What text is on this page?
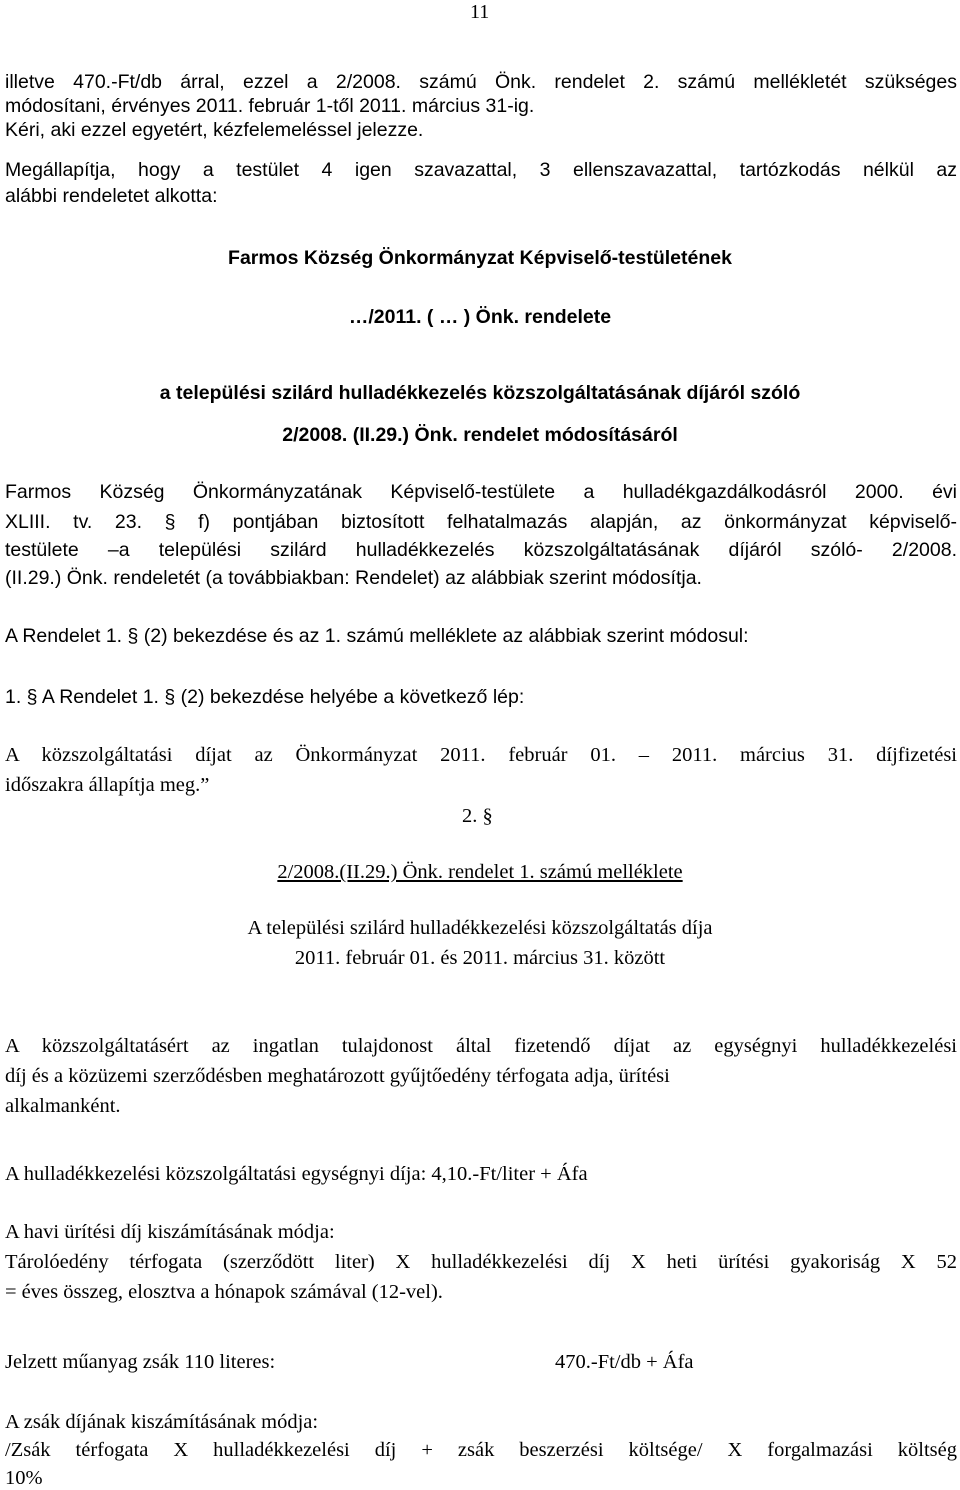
11
illetve 470.-Ft/db árral, ezzel a 2/2008. számú Önk. rendelet 2. számú mellékletét szükséges
módosítani, érvényes 2011. február 1-től 2011. március 31-ig.
Kéri, aki ezzel egyetért, kézfelemeléssel jelezze.
Megállapítja, hogy a testület 4 igen szavazattal, 3 ellenszavazattal, tartózkodás nélkül az
alábbi rendeletet alkotta:
Farmos Község Önkormányzat Képviselő-testületének
…/2011. ( … ) Önk. rendelete
a települési szilárd hulladékkezelés közszolgáltatásának díjáról szóló
2/2008. (II.29.) Önk. rendelet módosításáról
Farmos Község Önkormányzatának Képviselő-testülete a hulladékgazdálkodásról 2000. évi
XLIII. tv. 23. § f) pontjában biztosított felhatalmazás alapján, az önkormányzat képviselő-
testülete –a települési szilárd hulladékkezelés közszolgáltatásának díjáról szóló- 2/2008.
(II.29.) Önk. rendeletét (a továbbiakban: Rendelet) az alábbiak szerint módosítja.
A Rendelet 1. § (2) bekezdése és az 1. számú melléklete az alábbiak szerint módosul:
1. § A Rendelet 1. § (2) bekezdése helyébe a következő lép:
A közszolgáltatási díjat az Önkormányzat 2011. február 01. – 2011. március 31. díjfizetési
időszakra állapítja meg.”
2. §
2/2008.(II.29.) Önk. rendelet 1. számú melléklete
A települési szilárd hulladékkezelési közszolgáltatás díja
2011. február 01. és 2011. március 31. között
A közszolgáltatásért az ingatlan tulajdonost által fizetendő díjat az egységnyi hulladékkezelési
díj és a közüzemi szerződésben meghatározott gyűjtőedény térfogata adja, ürítési
alkalmanként.
A hulladékkezelési közszolgáltatási egységnyi díja: 4,10.-Ft/liter + Áfa
A havi ürítési díj kiszámításának módja:
Tárolóedény térfogata (szerződött liter) X hulladékkezelési díj X heti ürítési gyakoriság X 52
= éves összeg, elosztva a hónapok számával (12-vel).
Jelzett műanyag zsák 110 literes:	470.-Ft/db + Áfa
A zsák díjának kiszámításának módja:
/Zsák térfogata X hulladékkezelési díj + zsák beszerzési költsége/ X forgalmazási költség
10%
